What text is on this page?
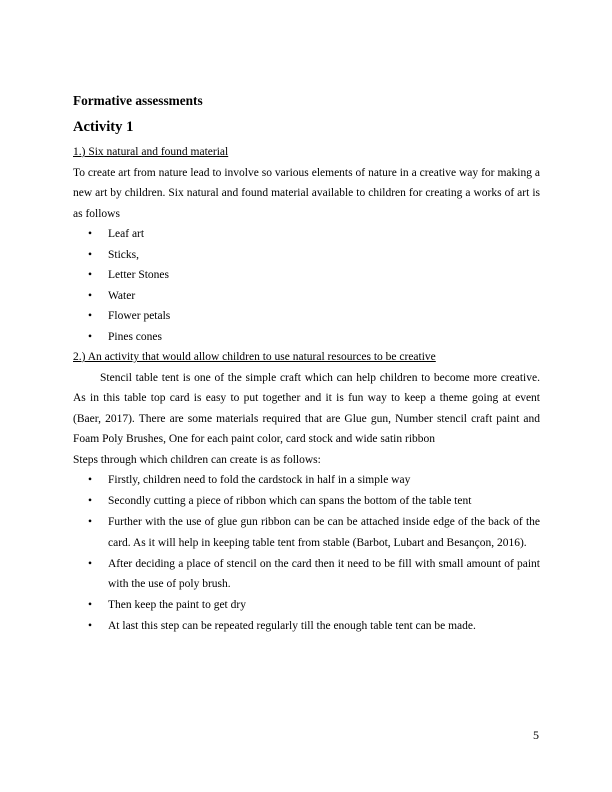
Formative assessments
Activity 1

1.) Six natural and found material

To create art from nature lead to involve so various elements of nature in a creative way for making a new art by children. Six natural and found material available to children for creating a works of art is as follows

•	Leaf art
•	Sticks,
•	Letter Stones
•	Water
•	Flower petals
•	Pines cones

2.) An activity that would allow children to use natural resources to be creative

Stencil table tent is one of the simple craft which can help children to become more creative. As in this table top card is easy to put together and it is fun way to keep a theme going at event (Baer, 2017). There are some materials required that are Glue gun, Number stencil craft paint and Foam Poly Brushes, One for each paint color, card stock and wide satin ribbon

Steps through which children can create is as follows:

•	Firstly, children need to fold the cardstock in half in a simple way
•	Secondly cutting a piece of ribbon which can spans the bottom of the table tent
•	Further with the use of glue gun ribbon can be can be attached inside edge of the back of the card. As it will help in keeping table tent from stable (Barbot, Lubart and Besançon, 2016).
•	After deciding a place of stencil on the card then it need to be fill with small amount of paint with the use of poly brush.
•	Then keep the paint to get dry
•	At last this step can be repeated regularly till the enough table tent can be made.
5
